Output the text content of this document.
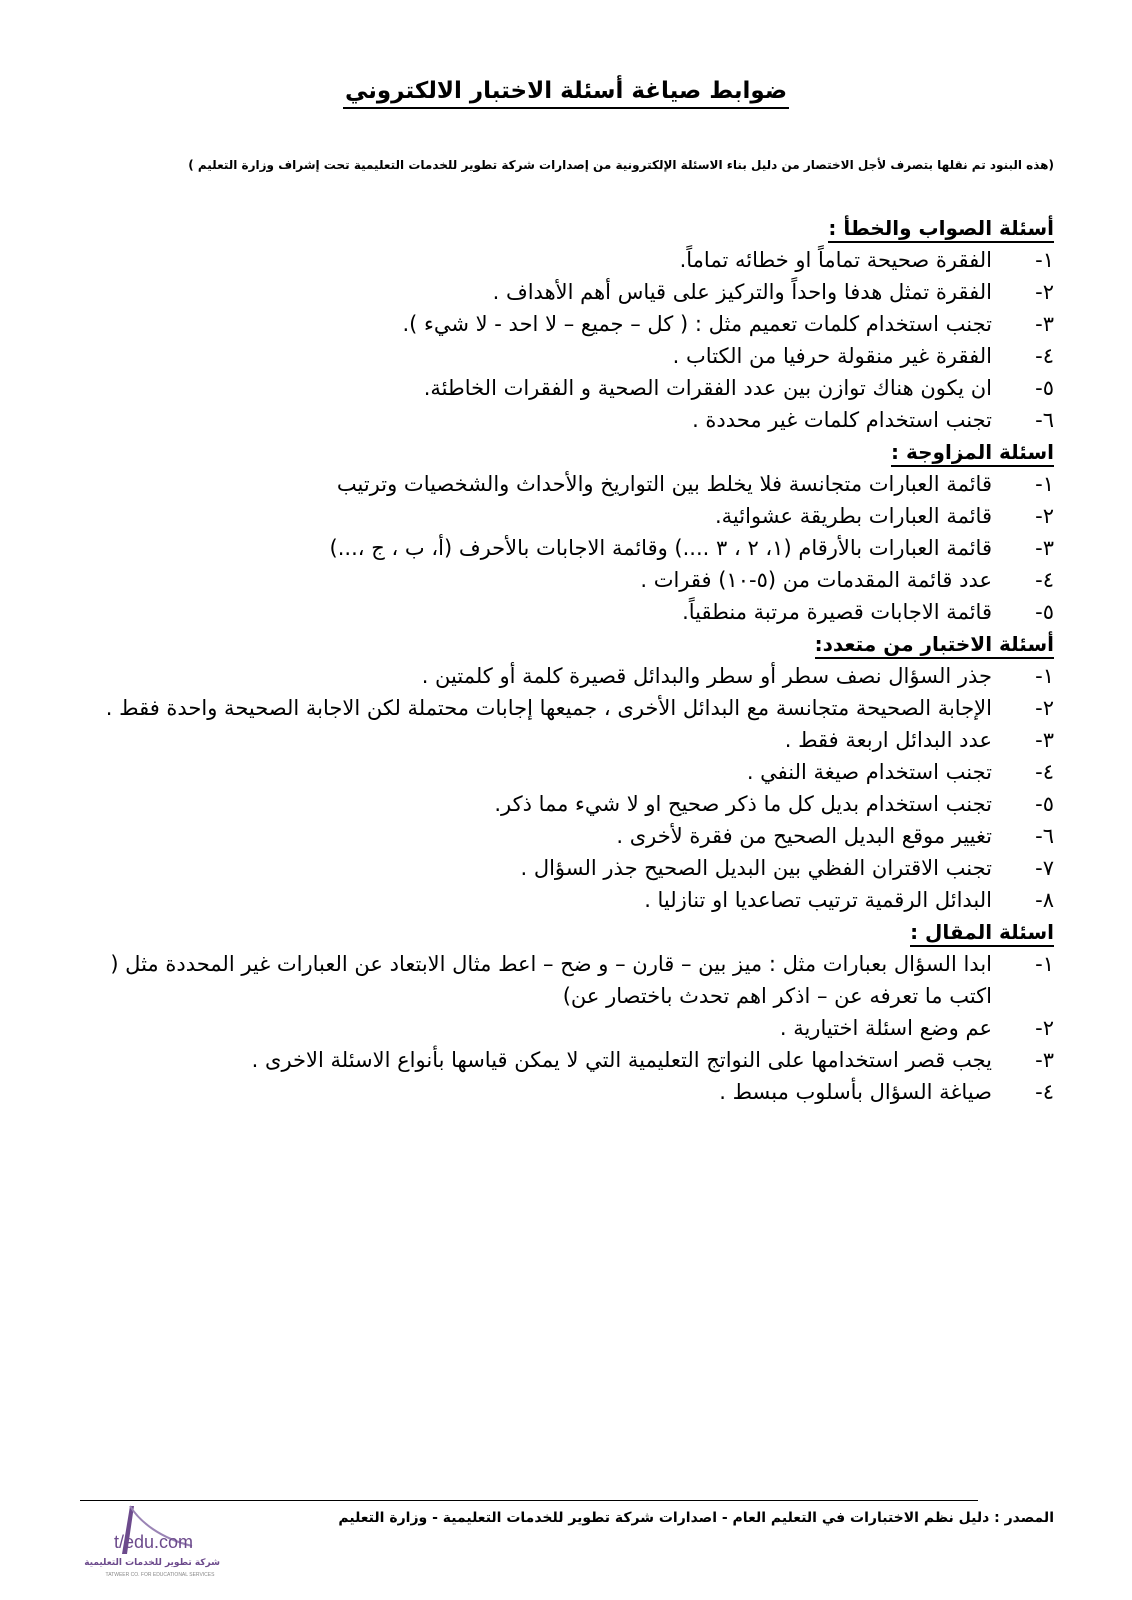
ضوابط صياغة أسئلة الاختبار الالكتروني
(هذه البنود تم نقلها بتصرف لأجل الاختصار من دليل بناء الاسئلة الإلكترونية من إصدارات شركة تطوير للخدمات التعليمية تحت إشراف وزارة التعليم )
أسئلة الصواب والخطأ :
١-
الفقرة صحيحة تماماً او خطائه تماماً.
٢-
الفقرة تمثل هدفا واحداً والتركيز على قياس أهم الأهداف .
٣-
تجنب استخدام كلمات تعميم مثل : ( كل – جميع – لا احد - لا شيء ).
٤-
الفقرة غير منقولة حرفيا من الكتاب .
٥-
ان يكون هناك توازن بين عدد الفقرات الصحية و الفقرات الخاطئة.
٦-
تجنب استخدام كلمات غير محددة .
اسئلة المزاوجة :
١-
قائمة العبارات متجانسة فلا يخلط بين التواريخ والأحداث والشخصيات وترتيب
٢-
قائمة العبارات بطريقة عشوائية.
٣-
قائمة العبارات بالأرقام (١، ٢ ، ٣ ....) وقائمة الاجابات بالأحرف (أ، ب ، ج ،...)
٤-
عدد قائمة المقدمات من (٥-١٠) فقرات .
٥-
قائمة الاجابات قصيرة مرتبة منطقياً.
أسئلة الاختبار من متعدد:
١-
جذر السؤال نصف سطر أو سطر والبدائل قصيرة كلمة أو كلمتين .
٢-
الإجابة الصحيحة متجانسة مع البدائل الأخرى ، جميعها إجابات محتملة لكن الاجابة الصحيحة واحدة فقط .
٣-
عدد البدائل اربعة فقط .
٤-
تجنب استخدام صيغة النفي .
٥-
تجنب استخدام بديل كل ما ذكر صحيح او لا شيء مما ذكر.
٦-
تغيير موقع البديل الصحيح من فقرة لأخرى .
٧-
تجنب الاقتران الفظي بين البديل الصحيح جذر السؤال .
٨-
البدائل الرقمية ترتيب تصاعديا او تنازليا .
اسئلة المقال :
١-
ابدا السؤال بعبارات مثل : ميز بين – قارن – و ضح – اعط مثال الابتعاد عن العبارات غير المحددة مثل ( اكتب ما تعرفه عن – اذكر اهم تحدث باختصار عن)
٢-
عم وضع اسئلة اختيارية .
٣-
يجب قصر استخدامها على النواتج التعليمية التي لا يمكن قياسها بأنواع الاسئلة الاخرى .
٤-
صياغة السؤال بأسلوب مبسط .
المصدر : دليل نظم الاختبارات في التعليم العام - اصدارات شركة تطوير للخدمات التعليمية - وزارة التعليم
t/edu.com
شركة تطوير للخدمات التعليمية
TATWEER CO. FOR EDUCATIONAL SERVICES
